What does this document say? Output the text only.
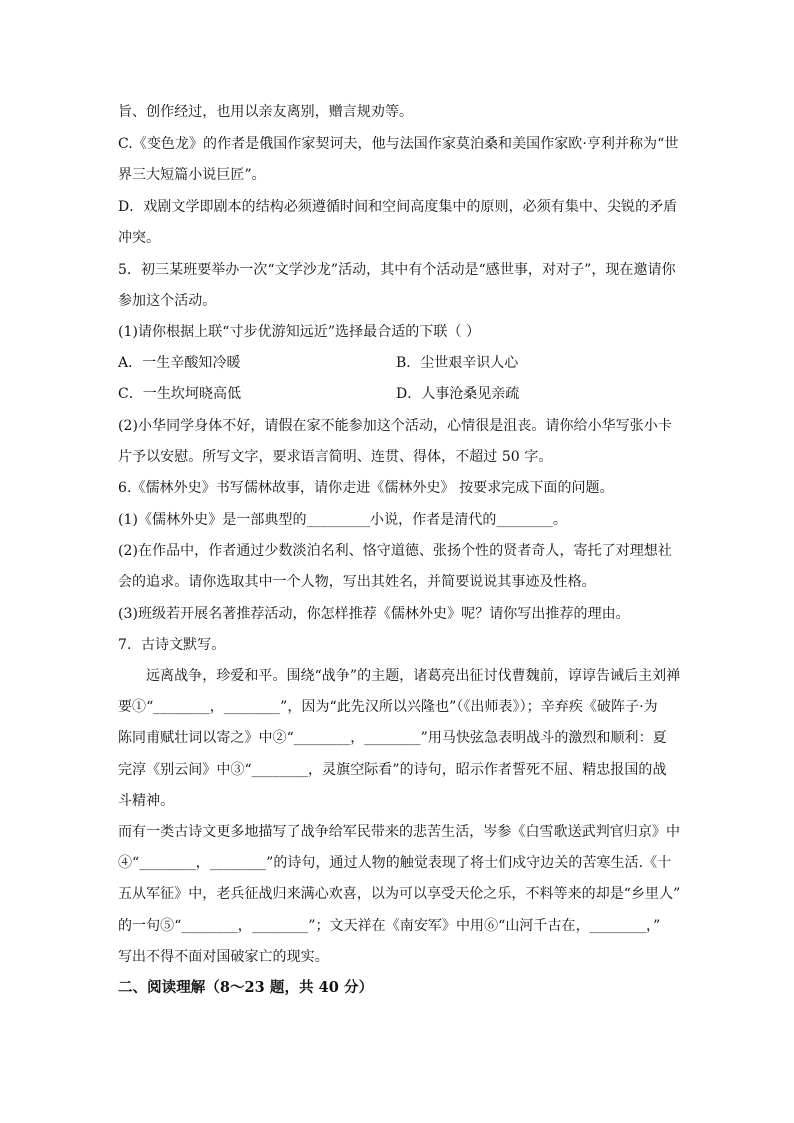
旨、创作经过，也用以亲友离别，赠言规劝等。
C.《变色龙》的作者是俄国作家契诃夫，他与法国作家莫泊桑和美国作家欧·亨利并称为“世
界三大短篇小说巨匠”。
D．戏剧文学即剧本的结构必须遵循时间和空间高度集中的原则，必须有集中、尖锐的矛盾
冲突。
5．初三某班要举办一次“文学沙龙”活动，其中有个活动是“感世事，对对子”，现在邀请你
参加这个活动。
(1)请你根据上联“寸步优游知远近”选择最合适的下联（ ）
A．一生辛酸知冷暖	B．尘世艰辛识人心
C．一生坎坷晓高低	D．人事沧桑见亲疏
(2)小华同学身体不好，请假在家不能参加这个活动，心情很是沮丧。请你给小华写张小卡
片予以安慰。所写文字，要求语言简明、连贯、得体，不超过 50 字。
6.《儒林外史》书写儒林故事，请你走进《儒林外史》 按要求完成下面的问题。
(1)《儒林外史》是一部典型的_________小说，作者是清代的________。
(2)在作品中，作者通过少数淡泊名利、恪守道德、张扬个性的贤者奇人，寄托了对理想社
会的追求。请你选取其中一个人物，写出其姓名，并简要说说其事迹及性格。
(3)班级若开展名著推荐活动，你怎样推荐《儒林外史》呢？请你写出推荐的理由。
7．古诗文默写。
远离战争，珍爱和平。围绕“战争”的主题，诸葛亮出征讨伐曹魏前，谆谆告诫后主刘禅
要①“________，________”，因为“此先汉所以兴隆也”（《出师表》）；辛弃疾《破阵子·为
陈同甫赋壮词以寄之》中②“________，________”用马快弦急表明战斗的激烈和顺利：夏
完淳《别云间》中③“________，灵旗空际看”的诗句，昭示作者誓死不屈、精忠报国的战
斗精神。
而有一类古诗文更多地描写了战争给军民带来的悲苦生活，岑参《白雪歌送武判官归京》中
④“________，________”的诗句，通过人物的触觉表现了将士们戍守边关的苦寒生活.《十
五从军征》中，老兵征战归来满心欢喜，以为可以享受天伦之乐，不料等来的却是“乡里人”
的一句⑤“________，________”；文天祥在《南安军》中用⑥“山河千古在，________，”
写出不得不面对国破家亡的现实。
二、阅读理解（8～23 题，共 40 分）
